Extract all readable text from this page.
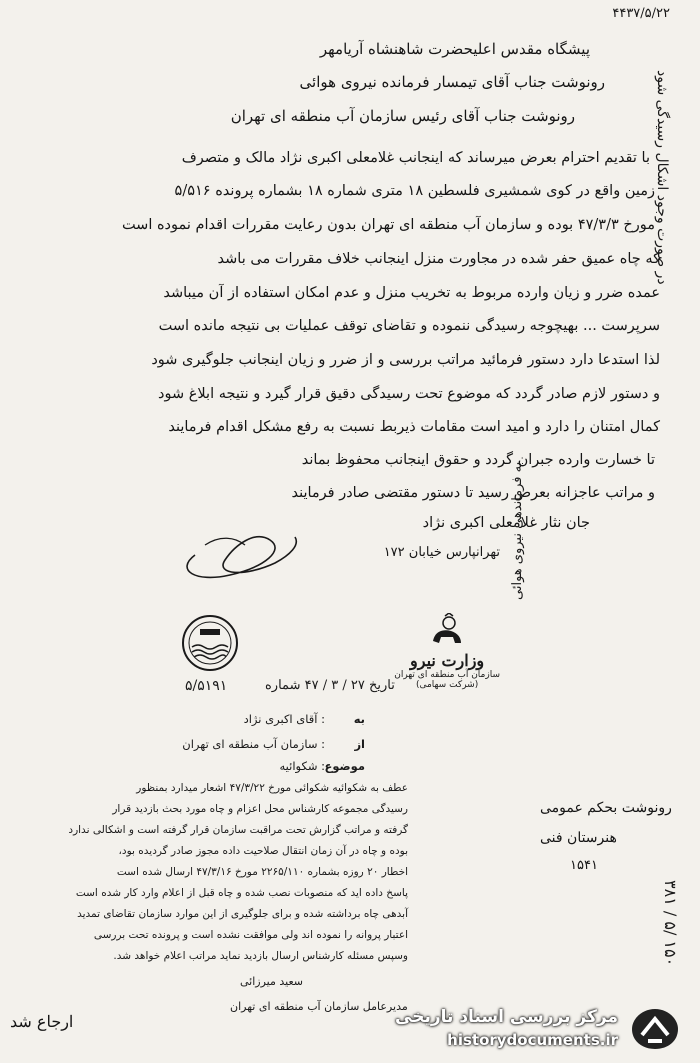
۴۴۳۷/۵/۲۲
پیشگاه مقدس اعلیحضرت شاهنشاه آریامهر
رونوشت جناب آقای تیمسار فرمانده نیروی هوائی
رونوشت جناب آقای رئیس سازمان آب منطقه ای تهران
با تقدیم احترام بعرض میرساند که اینجانب غلامعلی اکبری نژاد مالک و متصرف
زمین واقع در کوی شمشیری فلسطین ۱۸ متری شماره ۱۸ بشماره پرونده ۵/۵۱۶
مورخ ۴۷/۳/۳ بوده و سازمان آب منطقه ای تهران بدون رعایت مقررات اقدام نموده است
که چاه عمیق حفر شده در مجاورت منزل اینجانب خلاف مقررات می باشد
عمده ضرر و زیان وارده مربوط به تخریب منزل و عدم امکان استفاده از آن میباشد
سرپرست ... بهیچوجه رسیدگی ننموده و تقاضای توقف عملیات بی نتیجه مانده است
لذا استدعا دارد دستور فرمائید مراتب بررسی و از ضرر و زیان اینجانب جلوگیری شود
و دستور لازم صادر گردد که موضوع تحت رسیدگی دقیق قرار گیرد و نتیجه ابلاغ شود
کمال امتنان را دارد و امید است مقامات ذیربط نسبت به رفع مشکل اقدام فرمایند
تا خسارت وارده جبران گردد و حقوق اینجانب محفوظ بماند
و مراتب عاجزانه بعرض رسید تا دستور مقتضی صادر فرمایند
جان نثار غلامعلی اکبری نژاد
تهرانپارس خیابان ۱۷۲ به فرماندهی نیروی هوائی
در صورت وجود اشکال رسیدگی شود
وزارت نیرو
سازمان آب منطقه ای تهران
(شرکت سهامی)
تاریخ ۲۷ / ۳ / ۴۷ شماره
۵/۵۱۹۱
به: آقای اکبری نژاد
از: سازمان آب منطقه ای تهران
موضوع: شکوائیه
عطف به شکوائیه شکوائی مورخ ۴۷/۳/۲۲ اشعار میدارد بمنظور
رسیدگی مجموعه کارشناس محل اعزام و چاه مورد بحث بازدید قرار
گرفته و مراتب گزارش تحت مراقبت سازمان قرار گرفته است و اشکالی ندارد
بوده و چاه در آن زمان انتقال صلاحیت داده مجوز صادر گردیده بود،
اخطار ۲۰ روزه بشماره ۲۲۶۵/۱۱۰ مورخ ۴۷/۳/۱۶ ارسال شده است
پاسخ داده اید که منصوبات نصب شده و چاه قبل از اعلام وارد کار شده است
آبدهی چاه برداشته شده و برای جلوگیری از این موارد سازمان تقاضای تمدید
اعتبار پروانه را نموده اند ولی موافقت نشده است و پرونده تحت بررسی
وسپس مسئله کارشناس ارسال بازدید نماید مراتب اعلام خواهد شد.
سعید میرزائی
مدیرعامل سازمان آب منطقه ای تهران
رونوشت بحکم عمومی
هنرستان فنی
۱۵۴۱
۱۵۰ /۵ / ۳۸۱
ارجاع شد	مرکز بررسی اسناد تاریخی
historydocuments.ir
